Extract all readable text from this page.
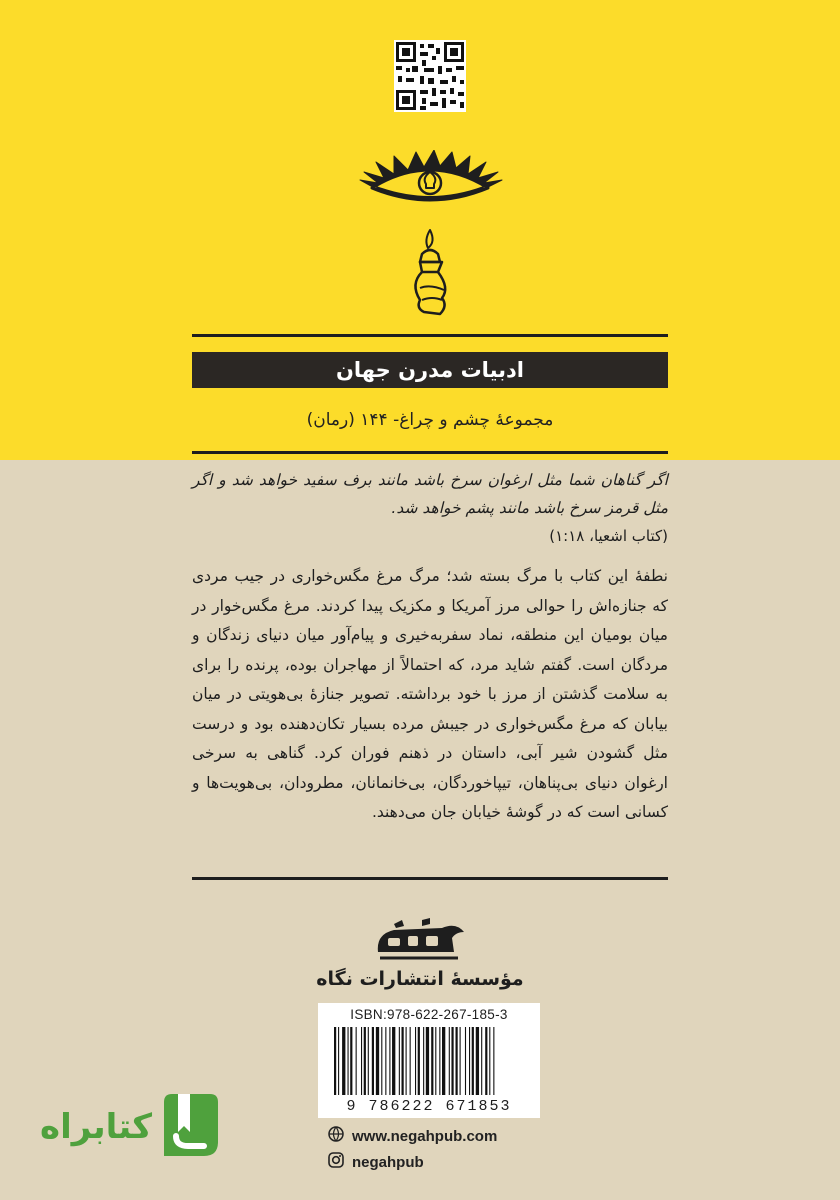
ادبیات مدرن جهان
مجموعهٔ چشم و چراغ- ۱۴۴ (رمان)

اگر گناهان شما مثل ارغوان سرخ باشد مانند برف سفید خواهد شد و اگر مثل قرمز سرخ باشد مانند پشم خواهد شد.

(کتاب اشعیا، ۱:۱۸)

نطفهٔ این کتاب با مرگ بسته شد؛ مرگ مرغ مگس‌خواری در جیب مردی که جنازه‌اش را حوالی مرز آمریکا و مکزیک پیدا کردند. مرغ مگس‌خوار در میان بومیان این منطقه، نماد سفربه‌خیری و پیام‌آور میان دنیای زندگان و مردگان است. گفتم شاید مرد، که احتمالاً از مهاجران بوده، پرنده را برای به سلامت گذشتن از مرز با خود برداشته. تصویر جنازهٔ بی‌هویتی در میان بیابان که مرغ مگس‌خواری در جیبش مرده بسیار تکان‌دهنده بود و درست مثل گشودن شیر آبی، داستان در ذهنم فوران کرد. گناهی به سرخی ارغوان دنیای بی‌پناهان، تیپاخوردگان، بی‌خانمانان، مطرودان، بی‌هویت‌ها و کسانی است که در گوشهٔ خیابان جان می‌دهند.

مؤسسهٔ انتشارات نگاه
ISBN:978-622-267-185-3
9 786222 671853
www.negahpub.com
negahpub
کتابراه
